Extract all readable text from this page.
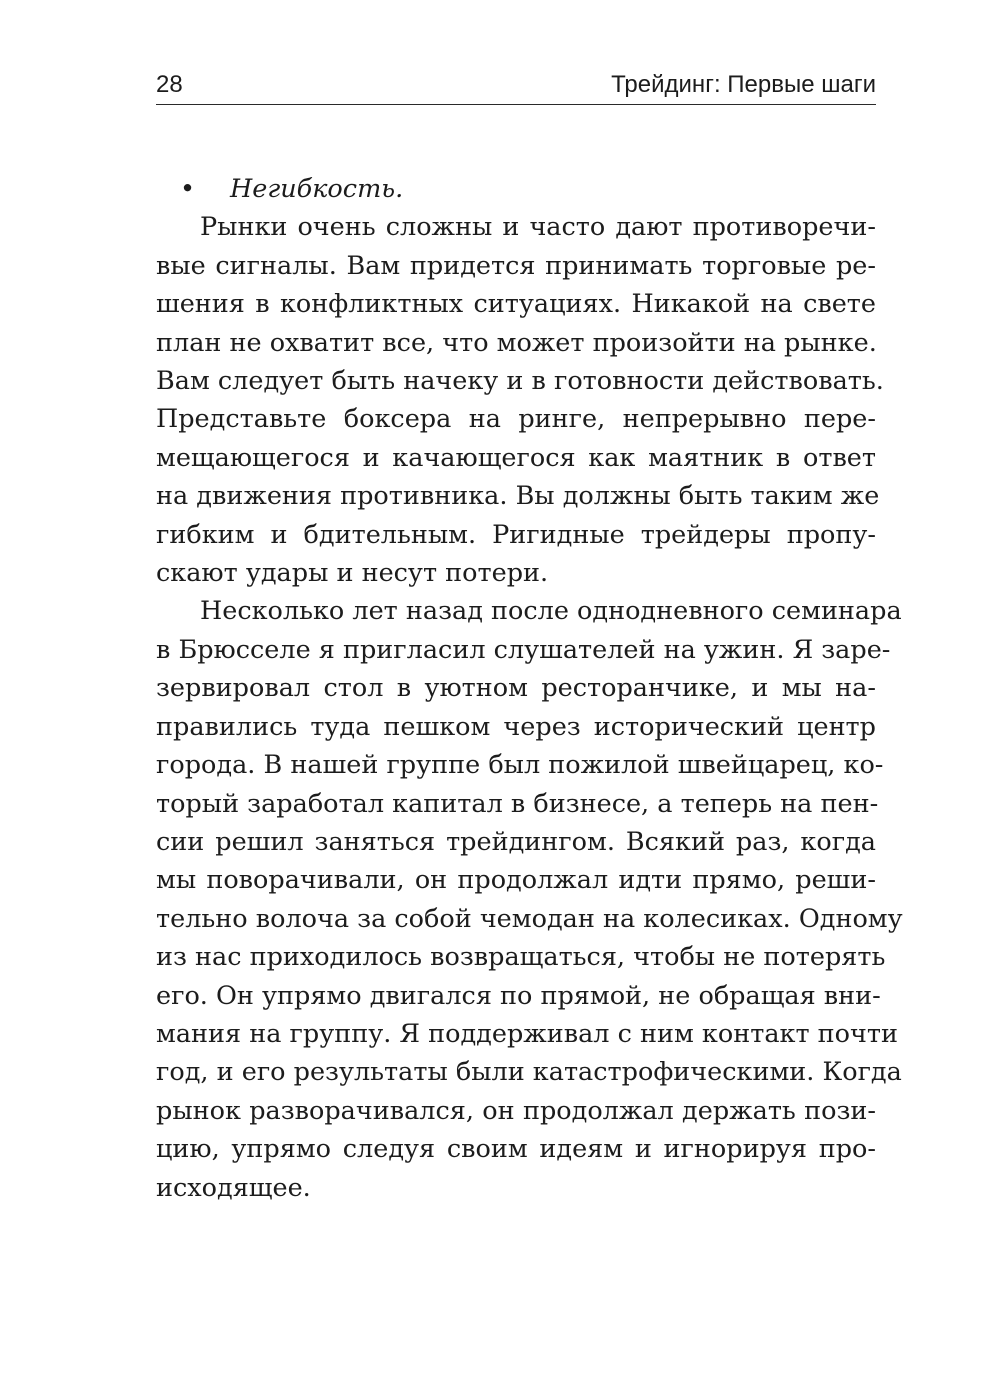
28	Трейдинг: Первые шаги

•	Негибкость.

Рынки очень сложны и часто дают противоречи-
вые сигналы. Вам придется принимать торговые ре-
шения в конфликтных ситуациях. Никакой на свете
план не охватит все, что может произойти на рынке.
Вам следует быть начеку и в готовности действовать.
Представьте боксера на ринге, непрерывно пере-
мещающегося и качающегося как маятник в ответ
на движения противника. Вы должны быть таким же
гибким и бдительным. Ригидные трейдеры пропу-
скают удары и несут потери.

Несколько лет назад после однодневного семинара
в Брюсселе я пригласил слушателей на ужин. Я заре-
зервировал стол в уютном ресторанчике, и мы на-
правились туда пешком через исторический центр
города. В нашей группе был пожилой швейцарец, ко-
торый заработал капитал в бизнесе, а теперь на пен-
сии решил заняться трейдингом. Всякий раз, когда
мы поворачивали, он продолжал идти прямо, реши-
тельно волоча за собой чемодан на колесиках. Одному
из нас приходилось возвращаться, чтобы не потерять
его. Он упрямо двигался по прямой, не обращая вни-
мания на группу. Я поддерживал с ним контакт почти
год, и его результаты были катастрофическими. Когда
рынок разворачивался, он продолжал держать пози-
цию, упрямо следуя своим идеям и игнорируя про-
исходящее.
